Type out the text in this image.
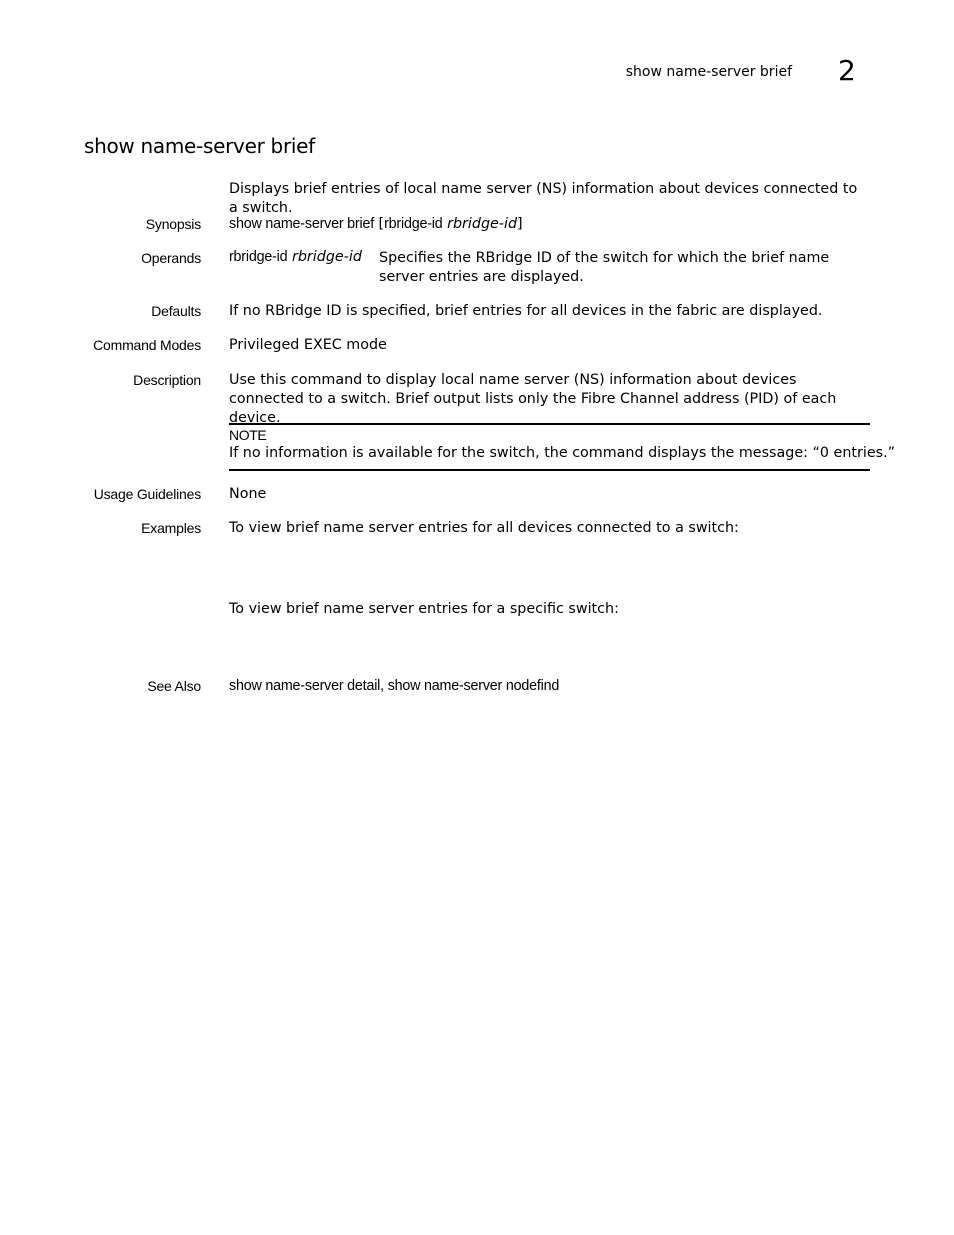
show name-server brief 2
show name-server brief
Displays brief entries of local name server (NS) information about devices connected to a switch.
Synopsis show name-server brief [rbridge-id rbridge-id]
Operands rbridge-id rbridge-id Specifies the RBridge ID of the switch for which the brief name server entries are displayed.
Defaults If no RBridge ID is specified, brief entries for all devices in the fabric are displayed.
Command Modes Privileged EXEC mode
Description Use this command to display local name server (NS) information about devices connected to a switch. Brief output lists only the Fibre Channel address (PID) of each device.
NOTE
If no information is available for the switch, the command displays the message: “0 entries.”
Usage Guidelines None
Examples To view brief name server entries for all devices connected to a switch:
To view brief name server entries for a specific switch:
See Also show name-server detail, show name-server nodefind
